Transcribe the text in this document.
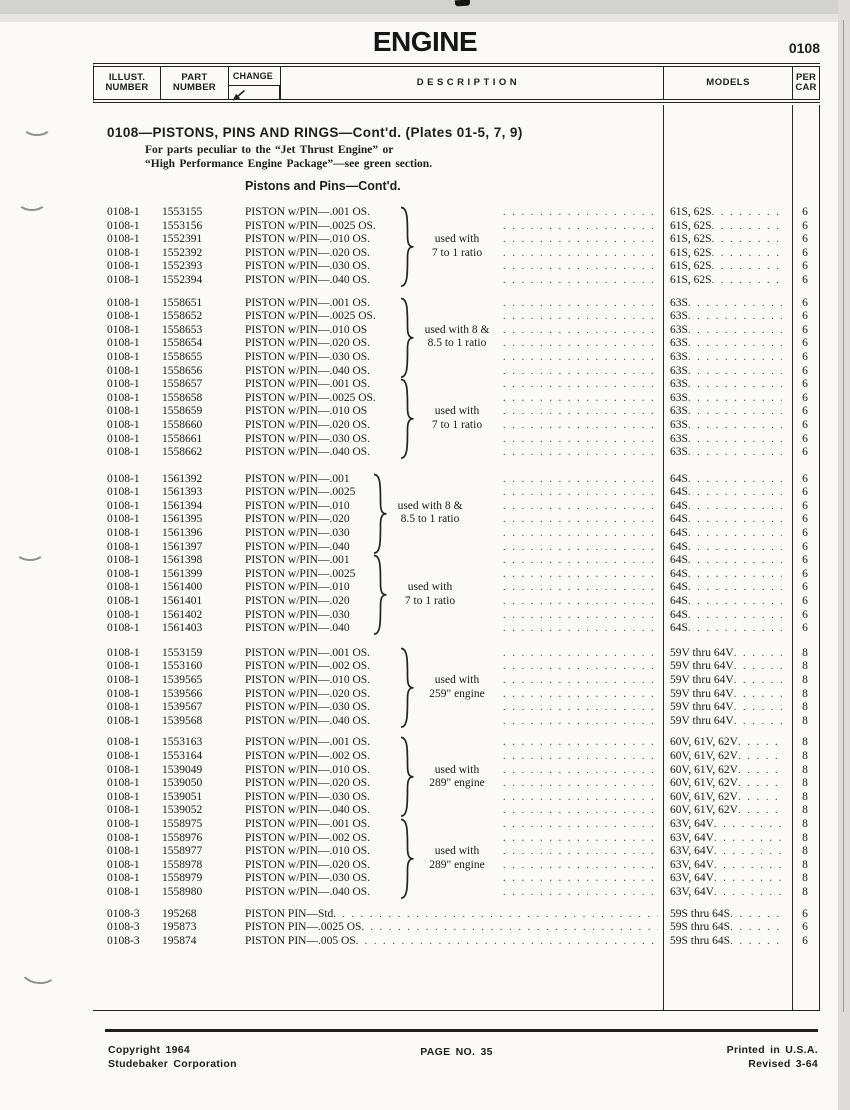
ENGINE	0108
ILLUST.
NUMBER
PART
NUMBER
CHANGE
DESCRIPTION	MODELS	PER
CAR
0108—PISTONS, PINS AND RINGS—Cont'd. (Plates 01-5, 7, 9)
For parts peculiar to the “Jet Thrust Engine” or
“High Performance Engine Package”—see green section.
Pistons and Pins—Cont'd.
0108-1	1553155	PISTON w/PIN—.001 OS. .....	61S, 62S .....	6
0108-1	1553156	PISTON w/PIN—.0025 OS. .....	61S, 62S .....	6
0108-1	1552391	PISTON w/PIN—.010 OS. .....	61S, 62S .....	6
0108-1	1552392	PISTON w/PIN—.020 OS. .....	61S, 62S .....	6
0108-1	1552393	PISTON w/PIN—.030 OS. .....	61S, 62S .....	6
0108-1	1552394	PISTON w/PIN—.040 OS. .....	61S, 62S .....	6
used with
7 to 1 ratio
0108-1	1558651	PISTON w/PIN—.001 OS. .....	63S .....	6
0108-1	1558652	PISTON w/PIN—.0025 OS. .....	63S .....	6
0108-1	1558653	PISTON w/PIN—.010 OS .....	63S .....	6
0108-1	1558654	PISTON w/PIN—.020 OS. .....	63S .....	6
0108-1	1558655	PISTON w/PIN—.030 OS. .....	63S .....	6
0108-1	1558656	PISTON w/PIN—.040 OS. .....	63S .....	6
0108-1	1558657	PISTON w/PIN—.001 OS. .....	63S .....	6
0108-1	1558658	PISTON w/PIN—.0025 OS. .....	63S .....	6
0108-1	1558659	PISTON w/PIN—.010 OS .....	63S .....	6
0108-1	1558660	PISTON w/PIN—.020 OS. .....	63S .....	6
0108-1	1558661	PISTON w/PIN—.030 OS. .....	63S .....	6
0108-1	1558662	PISTON w/PIN—.040 OS. .....	63S .....	6
used with 8 &
8.5 to 1 ratio
used with
7 to 1 ratio
0108-1	1561392	PISTON w/PIN—.001 .....	64S .....	6
0108-1	1561393	PISTON w/PIN—.0025 .....	64S .....	6
0108-1	1561394	PISTON w/PIN—.010 .....	64S .....	6
0108-1	1561395	PISTON w/PIN—.020 .....	64S .....	6
0108-1	1561396	PISTON w/PIN—.030 .....	64S .....	6
0108-1	1561397	PISTON w/PIN—.040 .....	64S .....	6
0108-1	1561398	PISTON w/PIN—.001 .....	64S .....	6
0108-1	1561399	PISTON w/PIN—.0025 .....	64S .....	6
0108-1	1561400	PISTON w/PIN—.010 .....	64S .....	6
0108-1	1561401	PISTON w/PIN—.020 .....	64S .....	6
0108-1	1561402	PISTON w/PIN—.030 .....	64S .....	6
0108-1	1561403	PISTON w/PIN—.040 .....	64S .....	6
used with 8 &
8.5 to 1 ratio
used with
7 to 1 ratio
0108-1	1553159	PISTON w/PIN—.001 OS. .....	59V thru 64V .....	8
0108-1	1553160	PISTON w/PIN—.002 OS. .....	59V thru 64V .....	8
0108-1	1539565	PISTON w/PIN—.010 OS. .....	59V thru 64V .....	8
0108-1	1539566	PISTON w/PIN—.020 OS. .....	59V thru 64V .....	8
0108-1	1539567	PISTON w/PIN—.030 OS. .....	59V thru 64V .....	8
0108-1	1539568	PISTON w/PIN—.040 OS. .....	59V thru 64V .....	8
used with
259" engine
0108-1	1553163	PISTON w/PIN—.001 OS. .....	60V, 61V, 62V .....	8
0108-1	1553164	PISTON w/PIN—.002 OS. .....	60V, 61V, 62V .....	8
0108-1	1539049	PISTON w/PIN—.010 OS. .....	60V, 61V, 62V .....	8
0108-1	1539050	PISTON w/PIN—.020 OS. .....	60V, 61V, 62V .....	8
0108-1	1539051	PISTON w/PIN—.030 OS. .....	60V, 61V, 62V .....	8
0108-1	1539052	PISTON w/PIN—.040 OS. .....	60V, 61V, 62V .....	8
0108-1	1558975	PISTON w/PIN—.001 OS. .....	63V, 64V .....	8
0108-1	1558976	PISTON w/PIN—.002 OS. .....	63V, 64V .....	8
0108-1	1558977	PISTON w/PIN—.010 OS. .....	63V, 64V .....	8
0108-1	1558978	PISTON w/PIN—.020 OS. .....	63V, 64V .....	8
0108-1	1558979	PISTON w/PIN—.030 OS. .....	63V, 64V .....	8
0108-1	1558980	PISTON w/PIN—.040 OS. .....	63V, 64V .....	8
used with
289" engine
used with
289" engine
0108-3	195268	PISTON PIN—Std. .....	59S thru 64S .....	6
0108-3	195873	PISTON PIN—.0025 OS. .....	59S thru 64S .....	6
0108-3	195874	PISTON PIN—.005 OS. .....	59S thru 64S .....	6
Copyright 1964
Studebaker Corporation
PAGE NO. 35	Printed in U.S.A.
Revised 3-64
